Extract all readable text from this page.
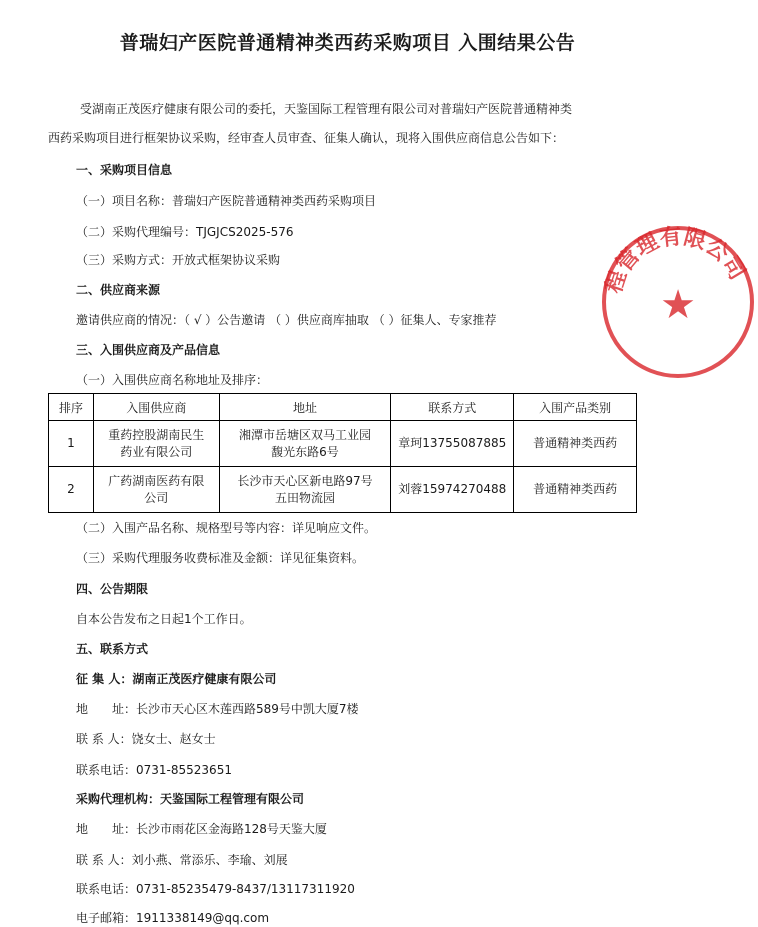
普瑞妇产医院普通精神类西药采购项目 入围结果公告
受湖南正茂医疗健康有限公司的委托，天鉴国际工程管理有限公司对普瑞妇产医院普通精神类
西药采购项目进行框架协议采购，经审查人员审查、征集人确认，现将入围供应商信息公告如下：
一、采购项目信息
（一）项目名称：普瑞妇产医院普通精神类西药采购项目
（二）采购代理编号：TJGJCS2025-576
（三）采购方式：开放式框架协议采购
二、供应商来源
邀请供应商的情况：（ √ ）公告邀请 （ ）供应商库抽取 （ ）征集人、专家推荐
三、入围供应商及产品信息
（一）入围供应商名称地址及排序：
排序	入围供应商	地址	联系方式	入围产品类别
1	重药控股湖南民生
药业有限公司	湘潭市岳塘区双马工业园
馥光东路6号	章珂13755087885	普通精神类西药
2	广药湖南医药有限
公司	长沙市天心区新电路97号
五田物流园	刘蓉15974270488	普通精神类西药
（二）入围产品名称、规格型号等内容：详见响应文件。
（三）采购代理服务收费标准及金额：详见征集资料。
四、公告期限
自本公告发布之日起1个工作日。
五、联系方式
征 集 人：湖南正茂医疗健康有限公司
地　　址：长沙市天心区木莲西路589号中凯大厦7楼
联 系 人：饶女士、赵女士
联系电话：0731-85523651
采购代理机构：天鉴国际工程管理有限公司
地　　址：长沙市雨花区金海路128号天鉴大厦
联 系 人：刘小燕、常添乐、李瑜、刘展
联系电话：0731-85235479-8437/13117311920
电子邮箱：1911338149@qq.com
程管理有限公司
★
